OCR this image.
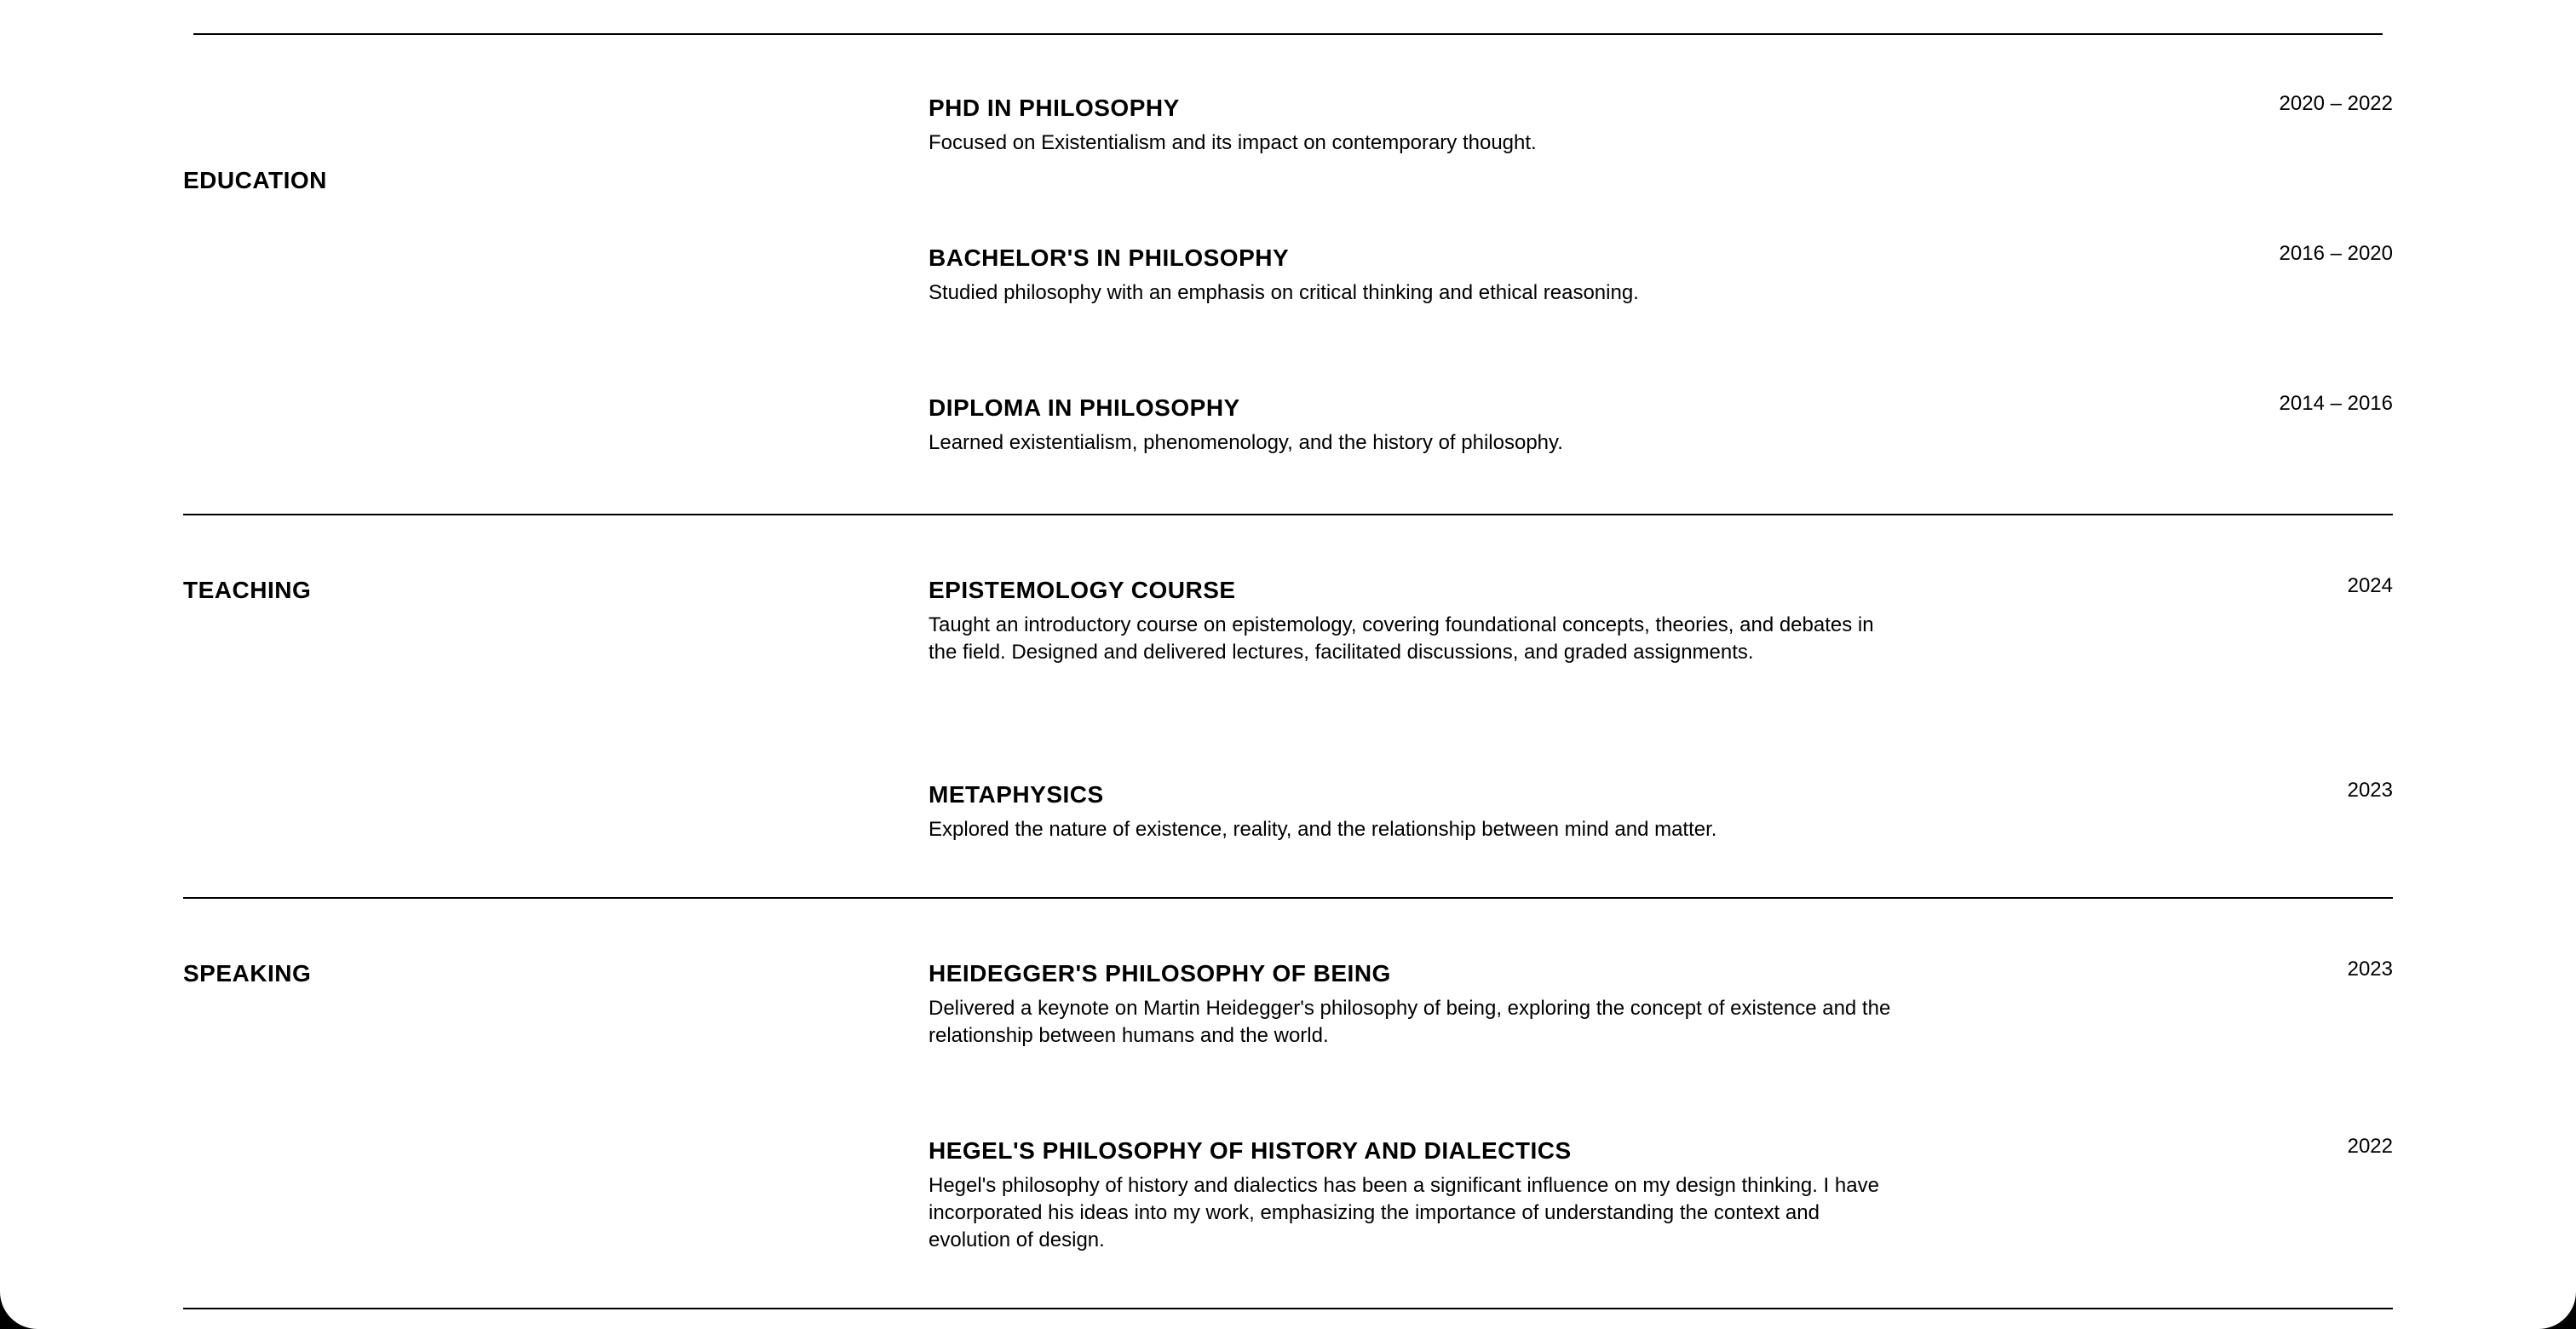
EDUCATION
PHD IN PHILOSOPHY

Focused on Existentialism and its impact on contemporary thought.

2020 – 2022
BACHELOR'S IN PHILOSOPHY

Studied philosophy with an emphasis on critical thinking and ethical reasoning.

2016 – 2020
DIPLOMA IN PHILOSOPHY

Learned existentialism, phenomenology, and the history of philosophy.

2014 – 2016
TEACHING	EPISTEMOLOGY COURSE

Taught an introductory course on epistemology, covering foundational concepts, theories, and debates in the field. Designed and delivered lectures, facilitated discussions, and graded assignments.

2024
METAPHYSICS

Explored the nature of existence, reality, and the relationship between mind and matter.

2023
SPEAKING	HEIDEGGER'S PHILOSOPHY OF BEING

Delivered a keynote on Martin Heidegger's philosophy of being, exploring the concept of existence and the relationship between humans and the world.

2023
HEGEL'S PHILOSOPHY OF HISTORY AND DIALECTICS

Hegel's philosophy of history and dialectics has been a significant influence on my design thinking. I have incorporated his ideas into my work, emphasizing the importance of understanding the context and evolution of design.

2022
